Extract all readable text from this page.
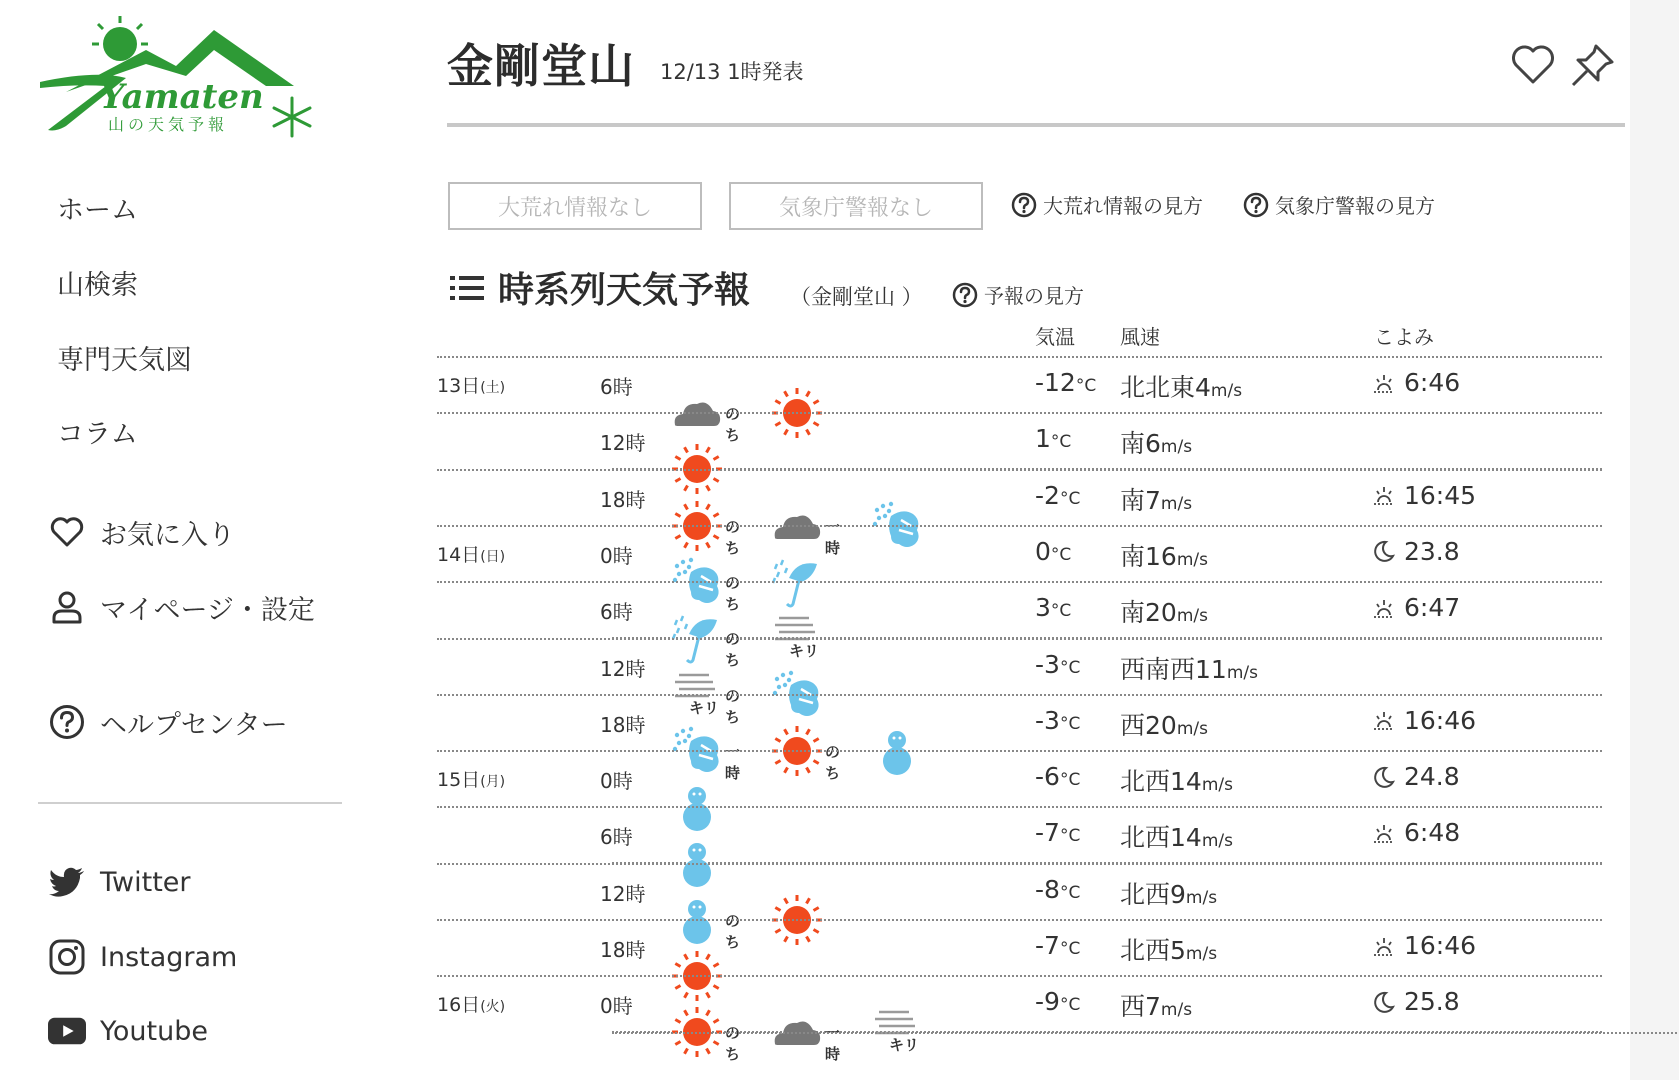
Yamaten
山の天気予報
ホーム
山検索
専門天気図
コラム
お気に入り
マイページ・設定
ヘルプセンター
Twitter
Instagram
Youtube
金剛堂山 12/13 1時発表
大荒れ情報なし	気象庁警報なし	大荒れ情報の見方	気象庁警報の見方
時系列天気予報 （金剛堂山 ）	予報の見方
気温 風速	こよみ
13日(土)	6時	-12°C 北北東4m/s	6:46
のち
12時	1°C 南6m/s
18時	-2°C 南7m/s	16:45
のち
一時
14日(日)	0時	0°C 南16m/s	23.8
のち
6時	3°C 南20m/s	6:47
のち	キリ
12時	-3°C 西南西11m/s
キリ
のち
18時	-3°C 西20m/s	16:46
一時
のち
15日(月)	0時	-6°C 北西14m/s	24.8
6時	-7°C 北西14m/s	6:48
12時	-8°C 北西9m/s
のち
18時	-7°C 北西5m/s	16:46
16日(火)	0時	-9°C 西7m/s	25.8
のち
一時	キリ
